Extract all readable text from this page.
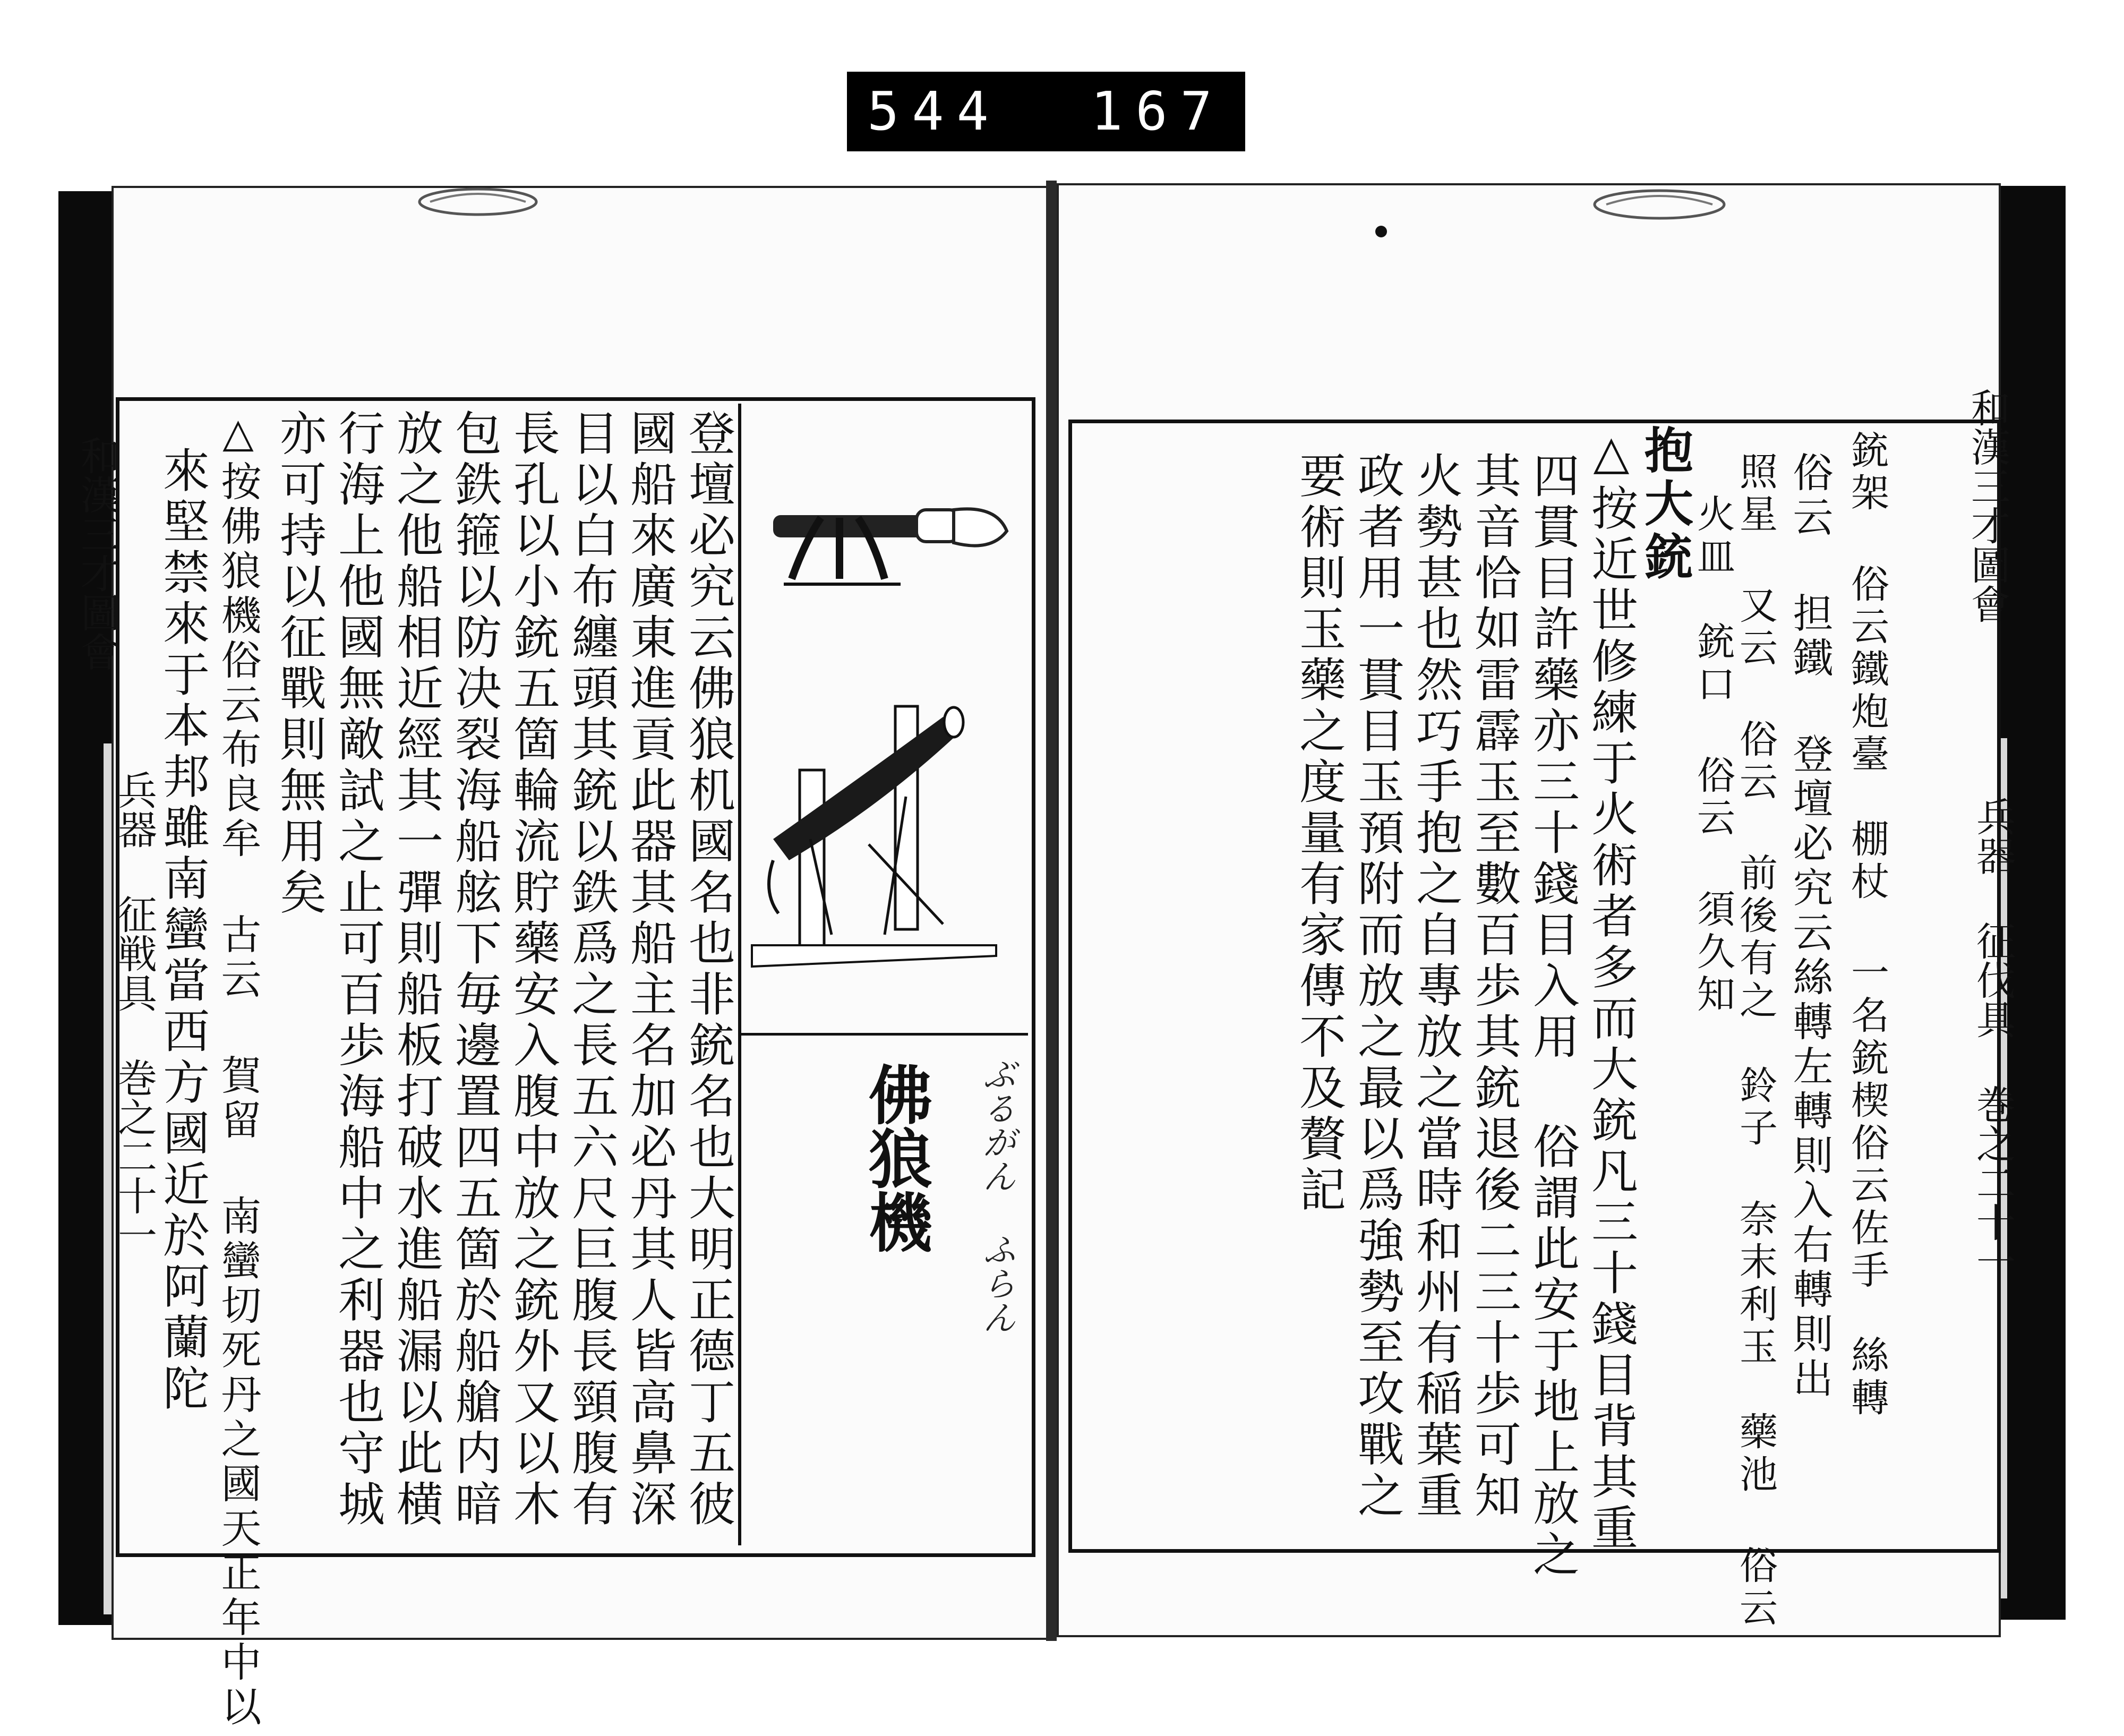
544  167
和漢三才圖會
兵器 征戦具 巻之二十一
和漢三才圖會
兵器 征伐具 巻之二十一
佛狼機 ぶるがん ふらん
登壇必究云佛狼机國名也非銃名也大明正德丁五彼
國船來廣東進貢此器其船主名加必丹其人皆高鼻深
目以白布纏頭其銃以鉄爲之長五六尺巨腹長頸腹有
長孔以小銃五箇輪流貯藥安入腹中放之銃外又以木
包鉄箍以防决裂海船舷下毎邊置四五箇於船艙内暗
放之他船相近經其一彈則船板打破水進船漏以此横
行海上他國無敵試之止可百歩海船中之利器也守城
亦可持以征戰則無用矣
△按佛狼機俗云布良牟 古云 賀留 南蠻切死丹之國天正年中以
來堅禁來于本邦雖南蠻當西方國近於阿蘭陀	銃架 俗云鐵炮臺　棚杖 一名銃楔俗云佐手　絲轉
俗云 担鐵 登壇必究云絲轉左轉則入右轉則出
照星 又云 俗云 前後有之　鈴子 奈末利玉　藥池 俗云
火皿　銃口 俗云 須久知
抱大銃
△按近世修練于火術者多而大銃凡三十錢目背其重
四貫目許藥亦三十錢目入用 俗謂此安于地上放之
其音恰如雷霹玉至數百歩其銃退後二三十歩可知
火勢甚也然巧手抱之自專放之當時和州有稲葉重
政者用一貫目玉預附而放之最以爲強勢至攻戰之
要術則玉藥之度量有家傳不及贅記
